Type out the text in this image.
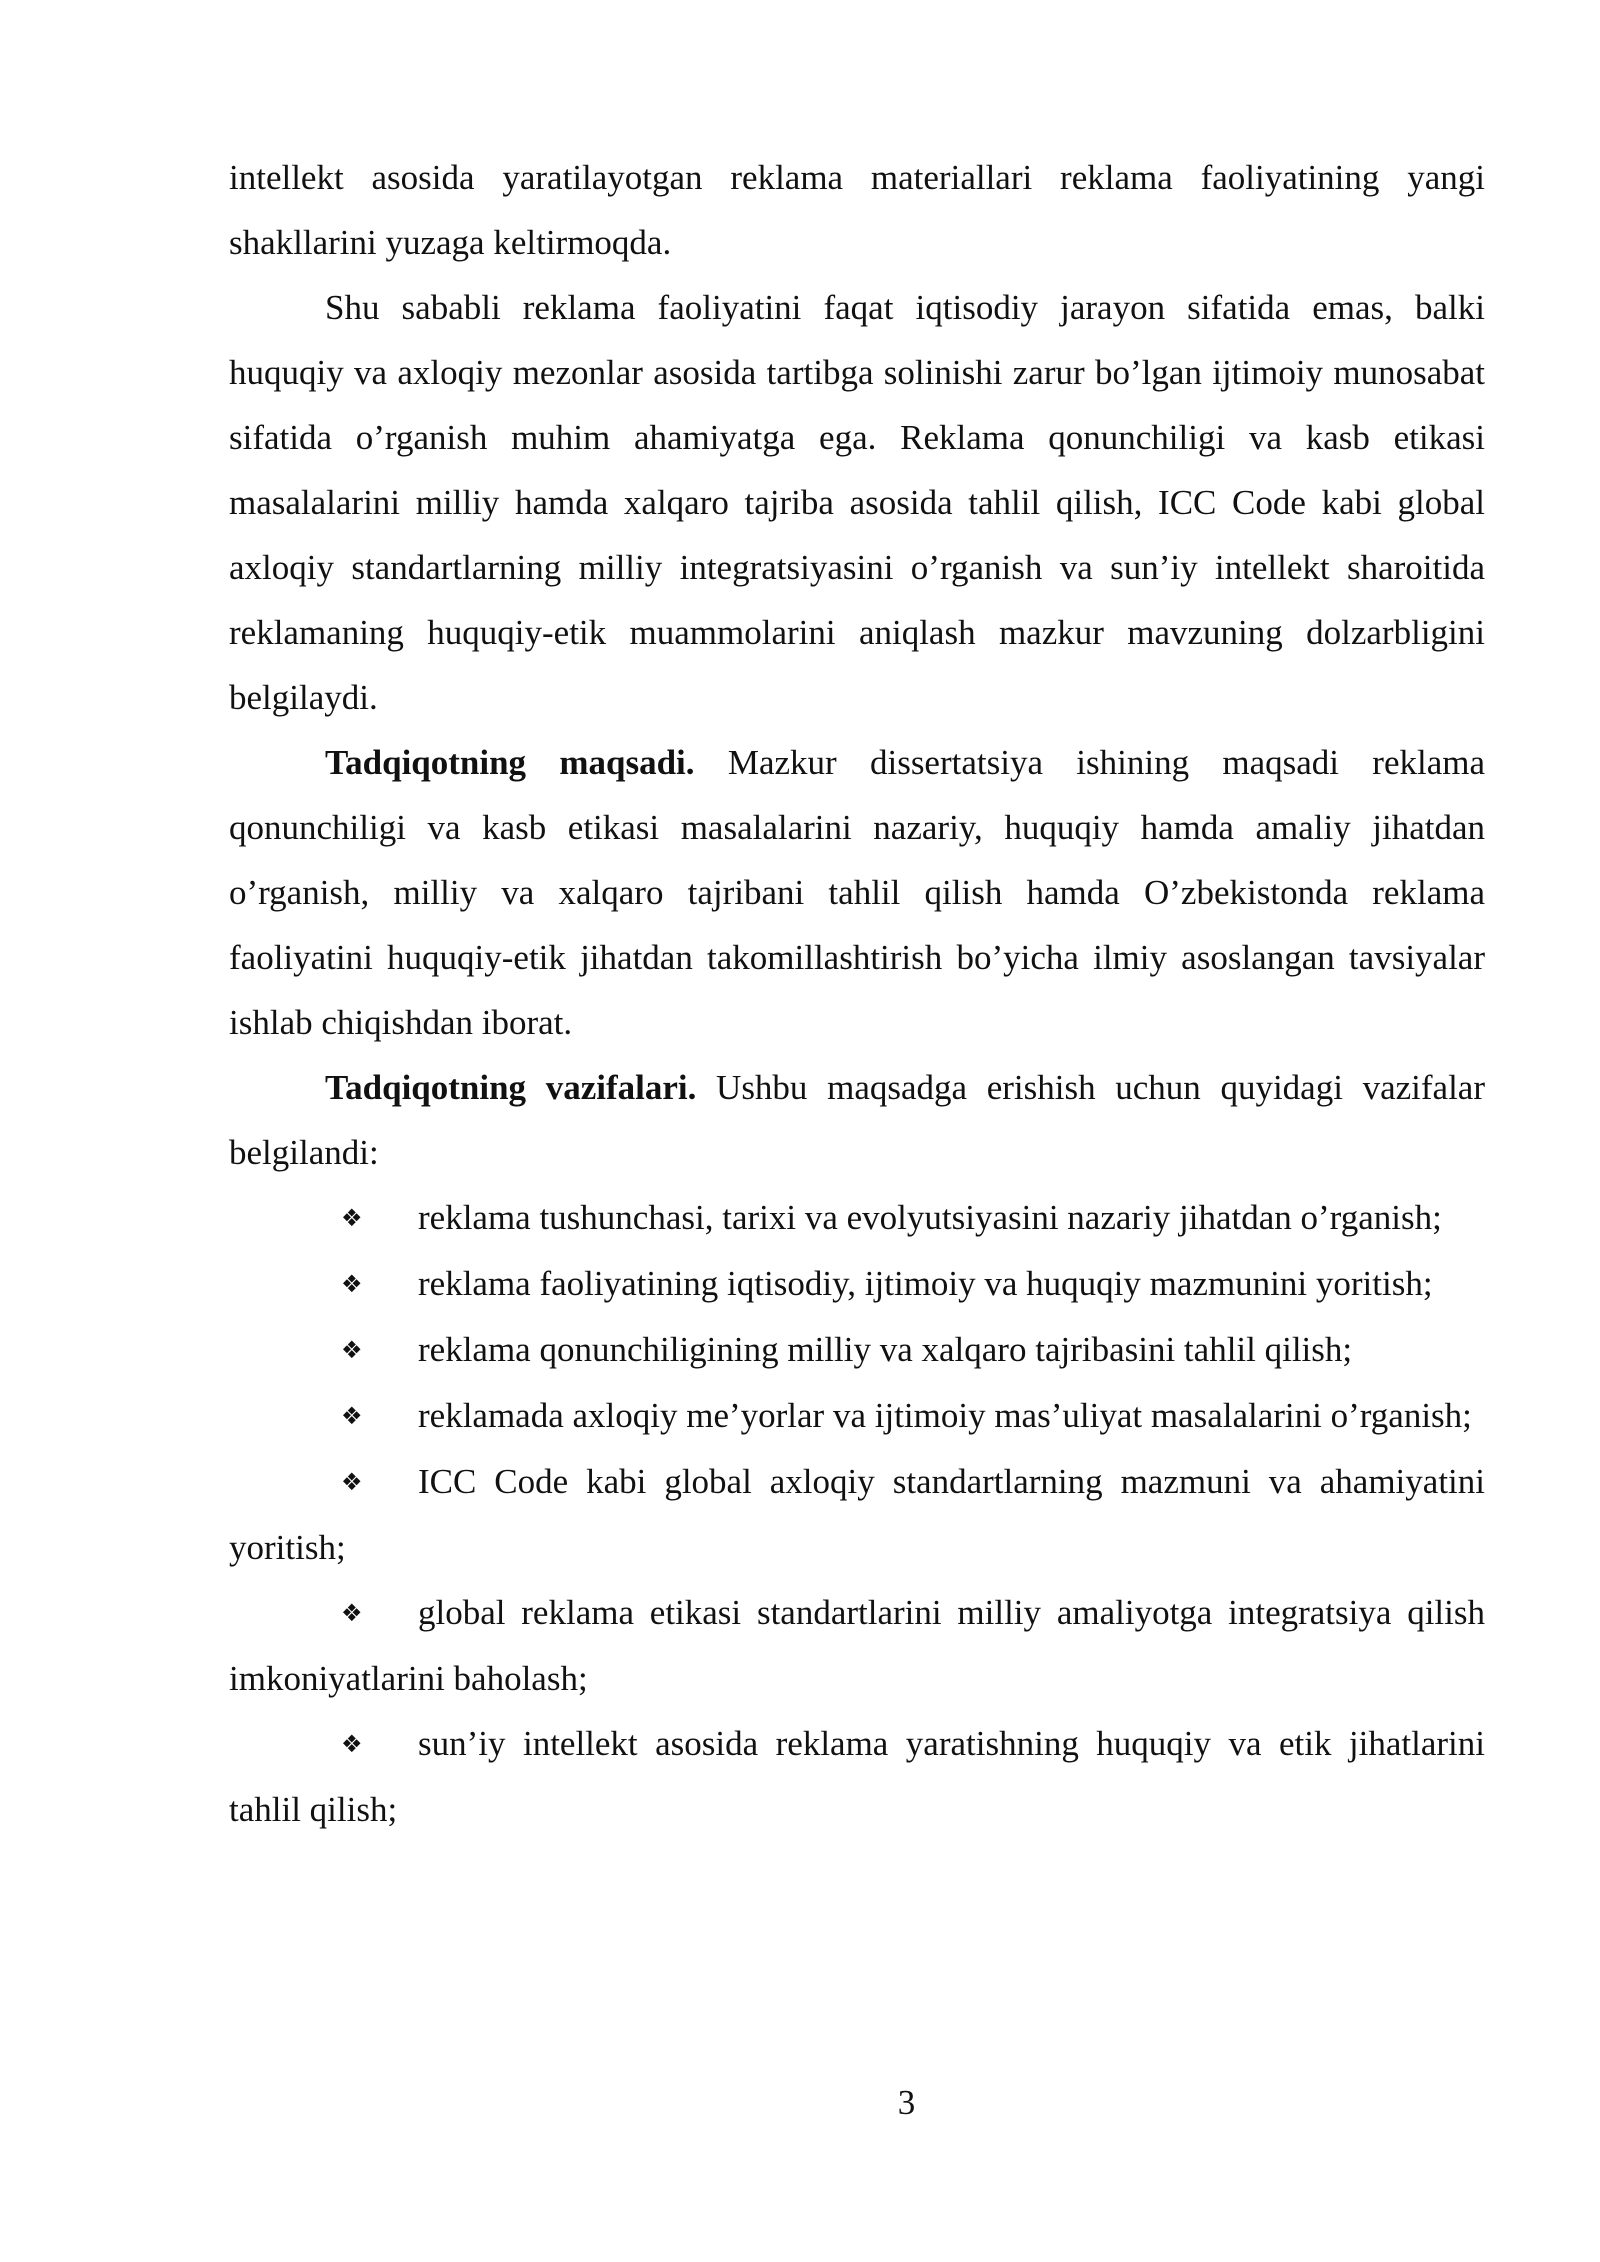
intellekt asosida yaratilayotgan reklama materiallari reklama faoliyatining yangi shakllarini yuzaga keltirmoqda.

Shu sababli reklama faoliyatini faqat iqtisodiy jarayon sifatida emas, balki huquqiy va axloqiy mezonlar asosida tartibga solinishi zarur bo’lgan ijtimoiy munosabat sifatida o’rganish muhim ahamiyatga ega. Reklama qonunchiligi va kasb etikasi masalalarini milliy hamda xalqaro tajriba asosida tahlil qilish, ICC Code kabi global axloqiy standartlarning milliy integratsiyasini o’rganish va sun’iy intellekt sharoitida reklamaning huquqiy-etik muammolarini aniqlash mazkur mavzuning dolzarbligini belgilaydi.

Tadqiqotning maqsadi. Mazkur dissertatsiya ishining maqsadi reklama qonunchiligi va kasb etikasi masalalarini nazariy, huquqiy hamda amaliy jihatdan o’rganish, milliy va xalqaro tajribani tahlil qilish hamda O’zbekistonda reklama faoliyatini huquqiy-etik jihatdan takomillashtirish bo’yicha ilmiy asoslangan tavsiyalar ishlab chiqishdan iborat.

Tadqiqotning vazifalari. Ushbu maqsadga erishish uchun quyidagi vazifalar belgilandi:

❖ reklama tushunchasi, tarixi va evolyutsiyasini nazariy jihatdan o’rganish;

❖ reklama faoliyatining iqtisodiy, ijtimoiy va huquqiy mazmunini yoritish;

❖ reklama qonunchiligining milliy va xalqaro tajribasini tahlil qilish;

❖ reklamada axloqiy me’yorlar va ijtimoiy mas’uliyat masalalarini o’rganish;

❖ ICC Code kabi global axloqiy standartlarning mazmuni va ahamiyatini yoritish;

❖ global reklama etikasi standartlarini milliy amaliyotga integratsiya qilish imkoniyatlarini baholash;

❖ sun’iy intellekt asosida reklama yaratishning huquqiy va etik jihatlarini tahlil qilish;

3
